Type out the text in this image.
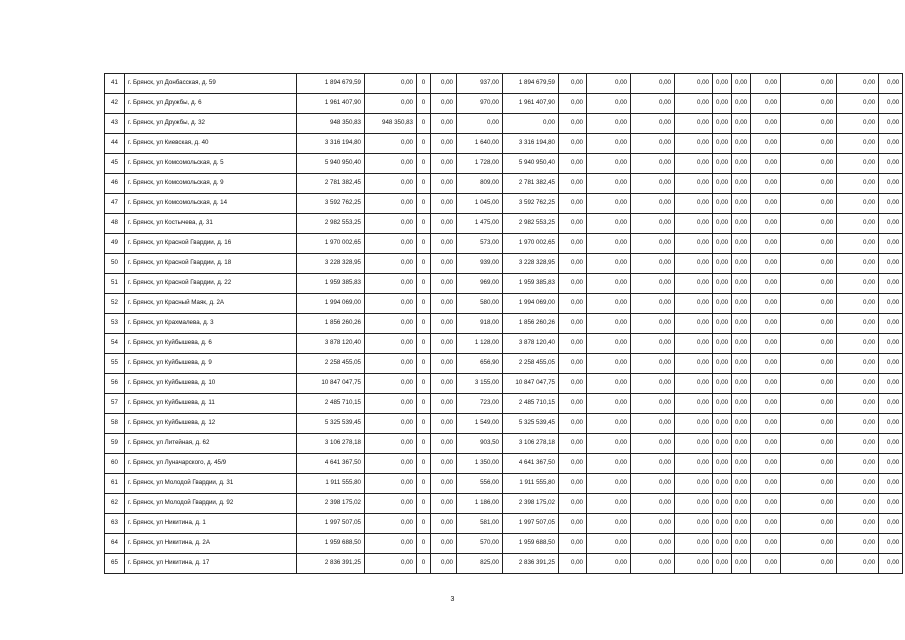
41	г. Брянск, ул Донбасская, д. 59	1 894 679,59	0,00	0	0,00	937,00	1 894 679,59	0,00	0,00	0,00	0,00	0,00	0,00	0,00	0,00	0,00	0,00
42	г. Брянск, ул Дружбы, д. 6	1 961 407,90	0,00	0	0,00	970,00	1 961 407,90	0,00	0,00	0,00	0,00	0,00	0,00	0,00	0,00	0,00	0,00
43	г. Брянск, ул Дружбы, д. 32	948 350,83	948 350,83	0	0,00	0,00	0,00	0,00	0,00	0,00	0,00	0,00	0,00	0,00	0,00	0,00	0,00
44	г. Брянск, ул Киевская, д. 40	3 316 194,80	0,00	0	0,00	1 640,00	3 316 194,80	0,00	0,00	0,00	0,00	0,00	0,00	0,00	0,00	0,00	0,00
45	г. Брянск, ул Комсомольская, д. 5	5 940 950,40	0,00	0	0,00	1 728,00	5 940 950,40	0,00	0,00	0,00	0,00	0,00	0,00	0,00	0,00	0,00	0,00
46	г. Брянск, ул Комсомольская, д. 9	2 781 382,45	0,00	0	0,00	809,00	2 781 382,45	0,00	0,00	0,00	0,00	0,00	0,00	0,00	0,00	0,00	0,00
47	г. Брянск, ул Комсомольская, д. 14	3 592 762,25	0,00	0	0,00	1 045,00	3 592 762,25	0,00	0,00	0,00	0,00	0,00	0,00	0,00	0,00	0,00	0,00
48	г. Брянск, ул Костычева, д. 31	2 982 553,25	0,00	0	0,00	1 475,00	2 982 553,25	0,00	0,00	0,00	0,00	0,00	0,00	0,00	0,00	0,00	0,00
49	г. Брянск, ул Красной Гвардии, д. 16	1 970 002,65	0,00	0	0,00	573,00	1 970 002,65	0,00	0,00	0,00	0,00	0,00	0,00	0,00	0,00	0,00	0,00
50	г. Брянск, ул Красной Гвардии, д. 18	3 228 328,95	0,00	0	0,00	939,00	3 228 328,95	0,00	0,00	0,00	0,00	0,00	0,00	0,00	0,00	0,00	0,00
51	г. Брянск, ул Красной Гвардии, д. 22	1 959 385,83	0,00	0	0,00	969,00	1 959 385,83	0,00	0,00	0,00	0,00	0,00	0,00	0,00	0,00	0,00	0,00
52	г. Брянск, ул Красный Маяк, д. 2А	1 994 069,00	0,00	0	0,00	580,00	1 994 069,00	0,00	0,00	0,00	0,00	0,00	0,00	0,00	0,00	0,00	0,00
53	г. Брянск, ул Крахмалева, д. 3	1 856 260,26	0,00	0	0,00	918,00	1 856 260,26	0,00	0,00	0,00	0,00	0,00	0,00	0,00	0,00	0,00	0,00
54	г. Брянск, ул Куйбышева, д. 6	3 878 120,40	0,00	0	0,00	1 128,00	3 878 120,40	0,00	0,00	0,00	0,00	0,00	0,00	0,00	0,00	0,00	0,00
55	г. Брянск, ул Куйбышева, д. 9	2 258 455,05	0,00	0	0,00	656,90	2 258 455,05	0,00	0,00	0,00	0,00	0,00	0,00	0,00	0,00	0,00	0,00
56	г. Брянск, ул Куйбышева, д. 10	10 847 047,75	0,00	0	0,00	3 155,00	10 847 047,75	0,00	0,00	0,00	0,00	0,00	0,00	0,00	0,00	0,00	0,00
57	г. Брянск, ул Куйбышева, д. 11	2 485 710,15	0,00	0	0,00	723,00	2 485 710,15	0,00	0,00	0,00	0,00	0,00	0,00	0,00	0,00	0,00	0,00
58	г. Брянск, ул Куйбышева, д. 12	5 325 539,45	0,00	0	0,00	1 549,00	5 325 539,45	0,00	0,00	0,00	0,00	0,00	0,00	0,00	0,00	0,00	0,00
59	г. Брянск, ул Литейная, д. 62	3 106 278,18	0,00	0	0,00	903,50	3 106 278,18	0,00	0,00	0,00	0,00	0,00	0,00	0,00	0,00	0,00	0,00
60	г. Брянск, ул Луначарского, д. 45/9	4 641 367,50	0,00	0	0,00	1 350,00	4 641 367,50	0,00	0,00	0,00	0,00	0,00	0,00	0,00	0,00	0,00	0,00
61	г. Брянск, ул Молодой Гвардии, д. 31	1 911 555,80	0,00	0	0,00	556,00	1 911 555,80	0,00	0,00	0,00	0,00	0,00	0,00	0,00	0,00	0,00	0,00
62	г. Брянск, ул Молодой Гвардии, д. 92	2 398 175,02	0,00	0	0,00	1 186,00	2 398 175,02	0,00	0,00	0,00	0,00	0,00	0,00	0,00	0,00	0,00	0,00
63	г. Брянск, ул Никитина, д. 1	1 997 507,05	0,00	0	0,00	581,00	1 997 507,05	0,00	0,00	0,00	0,00	0,00	0,00	0,00	0,00	0,00	0,00
64	г. Брянск, ул Никитина, д. 2А	1 959 688,50	0,00	0	0,00	570,00	1 959 688,50	0,00	0,00	0,00	0,00	0,00	0,00	0,00	0,00	0,00	0,00
65	г. Брянск, ул Никитина, д. 17	2 836 391,25	0,00	0	0,00	825,00	2 836 391,25	0,00	0,00	0,00	0,00	0,00	0,00	0,00	0,00	0,00	0,00
3
